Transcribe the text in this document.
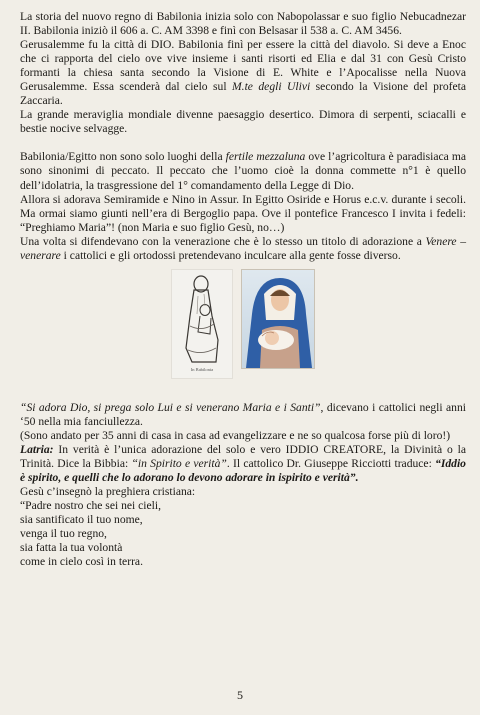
La storia del nuovo regno di Babilonia inizia solo con Nabopolassar e suo figlio Nebucadnezar II. Babilonia iniziò il 606 a. C. AM 3398 e finì con Belsasar il 538 a. C. AM 3456.

Gerusalemme fu la città di DIO. Babilonia finì per essere la città del diavolo. Si deve a Enoc che ci rapporta del cielo ove vive insieme i santi risorti ed Elia e dal 31 con Gesù Cristo formanti la chiesa santa secondo la Visione di E. White e l’Apocalisse nella Nuova Gerusalemme. Essa scenderà dal cielo sul M.te degli Ulivi secondo la Visione del profeta Zaccaria.

La grande meraviglia mondiale divenne paesaggio desertico. Dimora di serpenti, sciacalli e bestie nocive selvagge.

Babilonia/Egitto non sono solo luoghi della fertile mezzaluna ove l’agricoltura è paradisiaca ma sono sinonimi di peccato. Il peccato che l’uomo cioè la donna commette n°1 è quello dell’idolatria, la trasgressione del 1° comandamento della Legge di Dio.

Allora si adorava Semiramide e Nino in Assur. In Egitto Osiride e Horus e.c.v. durante i secoli. Ma ormai siamo giunti nell’era di Bergoglio papa. Ove il pontefice Francesco I invita i fedeli: “Preghiamo Maria”! (non Maria e suo figlio Gesù, no…)

Una volta si difendevano con la venerazione che è lo stesso un titolo di adorazione a Venere – venerare i cattolici e gli ortodossi pretendevano inculcare alla gente fosse diverso.

In Babilonia

“Si adora Dio, si prega solo Lui e si venerano Maria e i Santi”, dicevano i cattolici negli anni ‘50 nella mia fanciullezza.

(Sono andato per 35 anni di casa in casa ad evangelizzare e ne so qualcosa forse più di loro!)

Latria: In verità è l’unica adorazione del solo e vero IDDIO CREATORE, la Divinità o la Trinità. Dice la Bibbia: “in Spirito e verità”. Il cattolico Dr. Giuseppe Ricciotti traduce: “Iddio è spirito, e quelli che lo adorano lo devono adorare in ispirito e verità”.

Gesù c’insegnò la preghiera cristiana:

“Padre nostro che sei nei cieli,

sia santificato il tuo nome,

venga il tuo regno,

sia fatta la tua volontà

come in cielo così in terra.

5
